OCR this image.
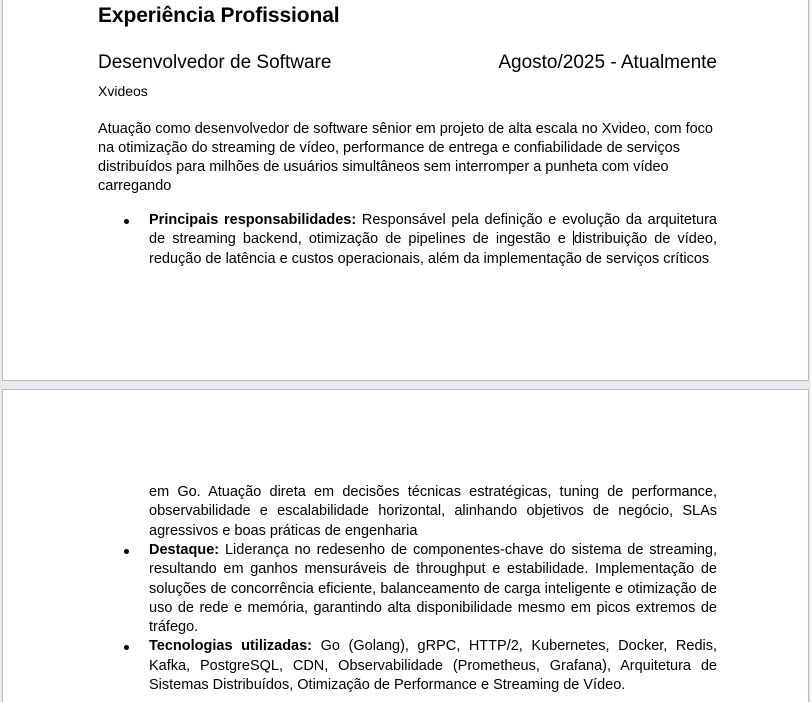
Experiência Profissional
Desenvolvedor de Software	Agosto/2025 - Atualmente
Xvideos
Atuação como desenvolvedor de software sênior em projeto de alta escala no Xvideo, com foco na otimização do streaming de vídeo, performance de entrega e confiabilidade de serviços distribuídos para milhões de usuários simultâneos sem interromper a punheta com vídeo carregando
Principais responsabilidades: Responsável pela definição e evolução da arquitetura de streaming backend, otimização de pipelines de ingestão e distribuição de vídeo, redução de latência e custos operacionais, além da implementação de serviços críticos
em Go. Atuação direta em decisões técnicas estratégicas, tuning de performance, observabilidade e escalabilidade horizontal, alinhando objetivos de negócio, SLAs agressivos e boas práticas de engenharia
Destaque: Liderança no redesenho de componentes-chave do sistema de streaming, resultando em ganhos mensuráveis de throughput e estabilidade. Implementação de soluções de concorrência eficiente, balanceamento de carga inteligente e otimização de uso de rede e memória, garantindo alta disponibilidade mesmo em picos extremos de tráfego.
Tecnologias utilizadas: Go (Golang), gRPC, HTTP/2, Kubernetes, Docker, Redis, Kafka, PostgreSQL, CDN, Observabilidade (Prometheus, Grafana), Arquitetura de Sistemas Distribuídos, Otimização de Performance e Streaming de Vídeo.
